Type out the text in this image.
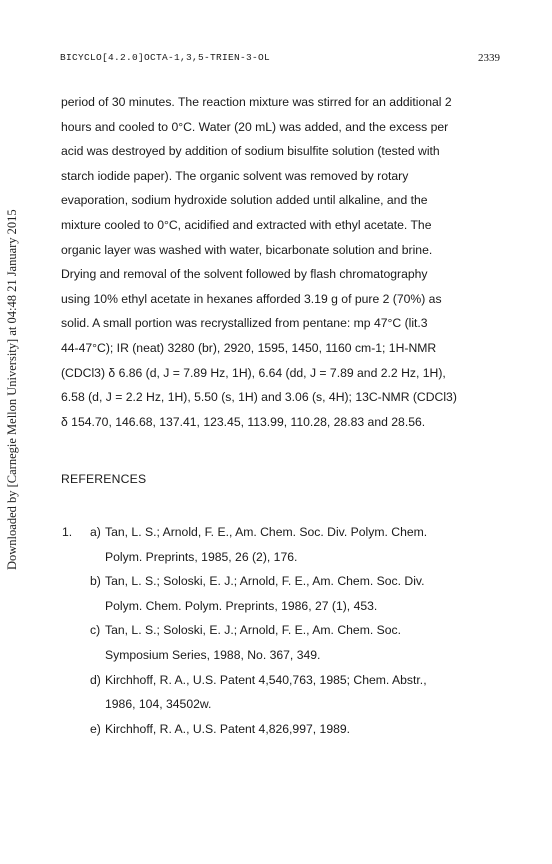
BICYCLO[4.2.0]OCTA-1,3,5-TRIEN-3-OL	2339
Downloaded by [Carnegie Mellon University] at 04:48 21 January 2015
period of 30 minutes. The reaction mixture was stirred for an additional 2
hours and cooled to 0°C. Water (20 mL) was added, and the excess per
acid was destroyed by addition of sodium bisulfite solution (tested with
starch iodide paper). The organic solvent was removed by rotary
evaporation, sodium hydroxide solution added until alkaline, and the
mixture cooled to 0°C, acidified and extracted with ethyl acetate. The
organic layer was washed with water, bicarbonate solution and brine.
Drying and removal of the solvent followed by flash chromatography
using 10% ethyl acetate in hexanes afforded 3.19 g of pure 2 (70%) as
solid. A small portion was recrystallized from pentane: mp 47°C (lit.3
44-47°C); IR (neat) 3280 (br), 2920, 1595, 1450, 1160 cm-1; 1H-NMR
(CDCl3) δ 6.86 (d, J = 7.89 Hz, 1H), 6.64 (dd, J = 7.89 and 2.2 Hz, 1H),
6.58 (d, J = 2.2 Hz, 1H), 5.50 (s, 1H) and 3.06 (s, 4H); 13C-NMR (CDCl3)
δ 154.70, 146.68, 137.41, 123.45, 113.99, 110.28, 28.83 and 28.56.
REFERENCES
1. a) Tan, L. S.; Arnold, F. E., Am. Chem. Soc. Div. Polym. Chem.
Polym. Preprints, 1985, 26 (2), 176.
b) Tan, L. S.; Soloski, E. J.; Arnold, F. E., Am. Chem. Soc. Div.
Polym. Chem. Polym. Preprints, 1986, 27 (1), 453.
c) Tan, L. S.; Soloski, E. J.; Arnold, F. E., Am. Chem. Soc.
Symposium Series, 1988, No. 367, 349.
d) Kirchhoff, R. A., U.S. Patent 4,540,763, 1985; Chem. Abstr.,
1986, 104, 34502w.
e) Kirchhoff, R. A., U.S. Patent 4,826,997, 1989.
